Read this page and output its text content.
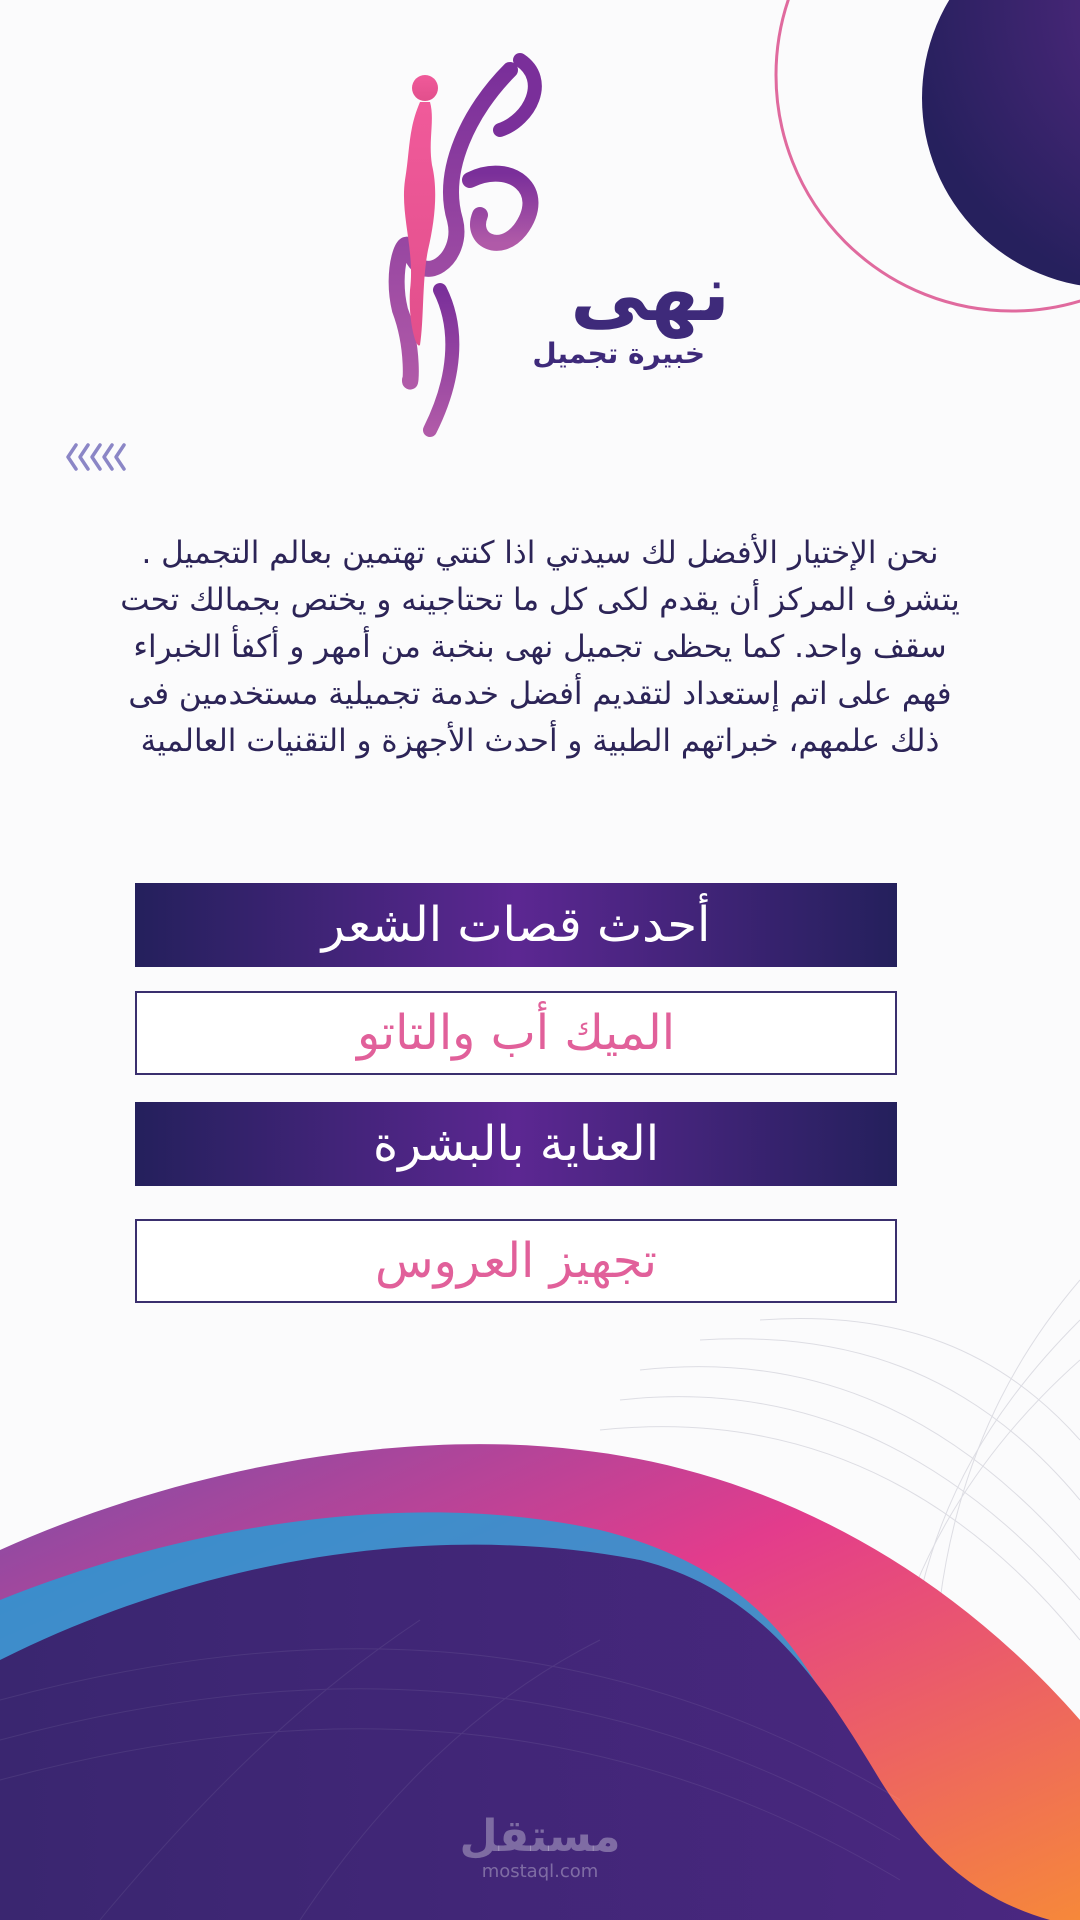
نهى
خبيرة تجميل
نحن الإختيار الأفضل لك سيدتي اذا كنتي تهتمين بعالم التجميل . يتشرف المركز أن يقدم لكى كل ما تحتاجينه و يختص بجمالك تحت سقف واحد. كما يحظى تجميل نهى بنخبة من أمهر و أكفأ الخبراء فهم على اتم إستعداد لتقديم أفضل خدمة تجميلية مستخدمين فى ذلك علمهم، خبراتهم الطبية و أحدث الأجهزة و التقنيات العالمية
أحدث قصات الشعر
الميك أب والتاتو
العناية بالبشرة
تجهيز العروس
مستقل
mostaql.com
